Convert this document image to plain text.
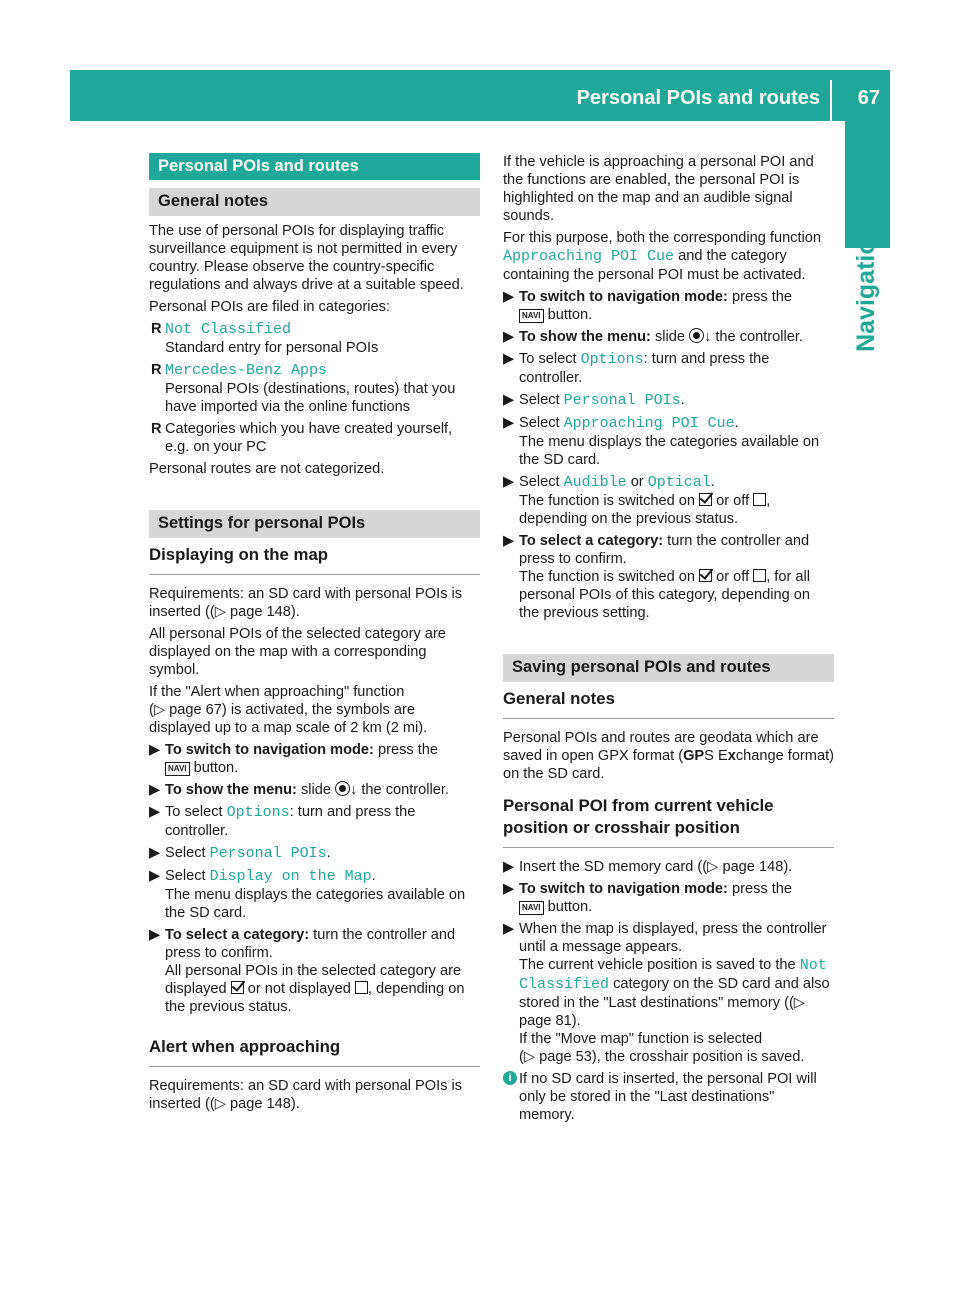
Personal POIs and routes 67
Navigation
Personal POIs and routes
General notes

The use of personal POIs for displaying traffic surveillance equipment is not permitted in every country. Please observe the country-specific regulations and always drive at a suitable speed.

Personal POIs are filed in categories:

R Not Classified
Standard entry for personal POIs
R Mercedes-Benz Apps
Personal POIs (destinations, routes) that you have imported via the online functions
R Categories which you have created yourself, e.g. on your PC

Personal routes are not categorized.

Settings for personal POIs
Displaying on the map

Requirements: an SD card with personal POIs is inserted ((▷ page 148).

All personal POIs of the selected category are displayed on the map with a corresponding symbol.

If the "Alert when approaching" function
(▷ page 67) is activated, the symbols are displayed up to a map scale of 2 km (2 mi).

▶ To switch to navigation mode: press the
NAVI button.
▶ To show the menu: slide ↓ the controller.
▶ To select Options: turn and press the controller.
▶ Select Personal POIs.
▶ Select Display on the Map.
The menu displays the categories available on the SD card.
▶ To select a category: turn the controller and press to confirm.
All personal POIs in the selected category are displayed  or not displayed , depending on the previous status.
Alert when approaching

Requirements: an SD card with personal POIs is inserted ((▷ page 148).

If the vehicle is approaching a personal POI and the functions are enabled, the personal POI is highlighted on the map and an audible signal sounds.

For this purpose, both the corresponding function Approaching POI Cue and the category containing the personal POI must be activated.

▶ To switch to navigation mode: press the
NAVI button.
▶ To show the menu: slide ↓ the controller.
▶ To select Options: turn and press the controller.
▶ Select Personal POIs.
▶ Select Approaching POI Cue.
The menu displays the categories available on the SD card.
▶ Select Audible or Optical.
The function is switched on  or off , depending on the previous status.
▶ To select a category: turn the controller and press to confirm.
The function is switched on  or off , for all personal POIs of this category, depending on the previous setting.
Saving personal POIs and routes
General notes

Personal POIs and routes are geodata which are saved in open GPX format (GPS Exchange format) on the SD card.

Personal POI from current vehicle position or crosshair position
▶ Insert the SD memory card ((▷ page 148).
▶ To switch to navigation mode: press the
NAVI button.
▶ When the map is displayed, press the controller until a message appears.
The current vehicle position is saved to the Not Classified category on the SD card and also stored in the "Last destinations" memory ((▷ page 81).
If the "Move map" function is selected
(▷ page 53), the crosshair position is saved.
i If no SD card is inserted, the personal POI will only be stored in the "Last destinations" memory.
